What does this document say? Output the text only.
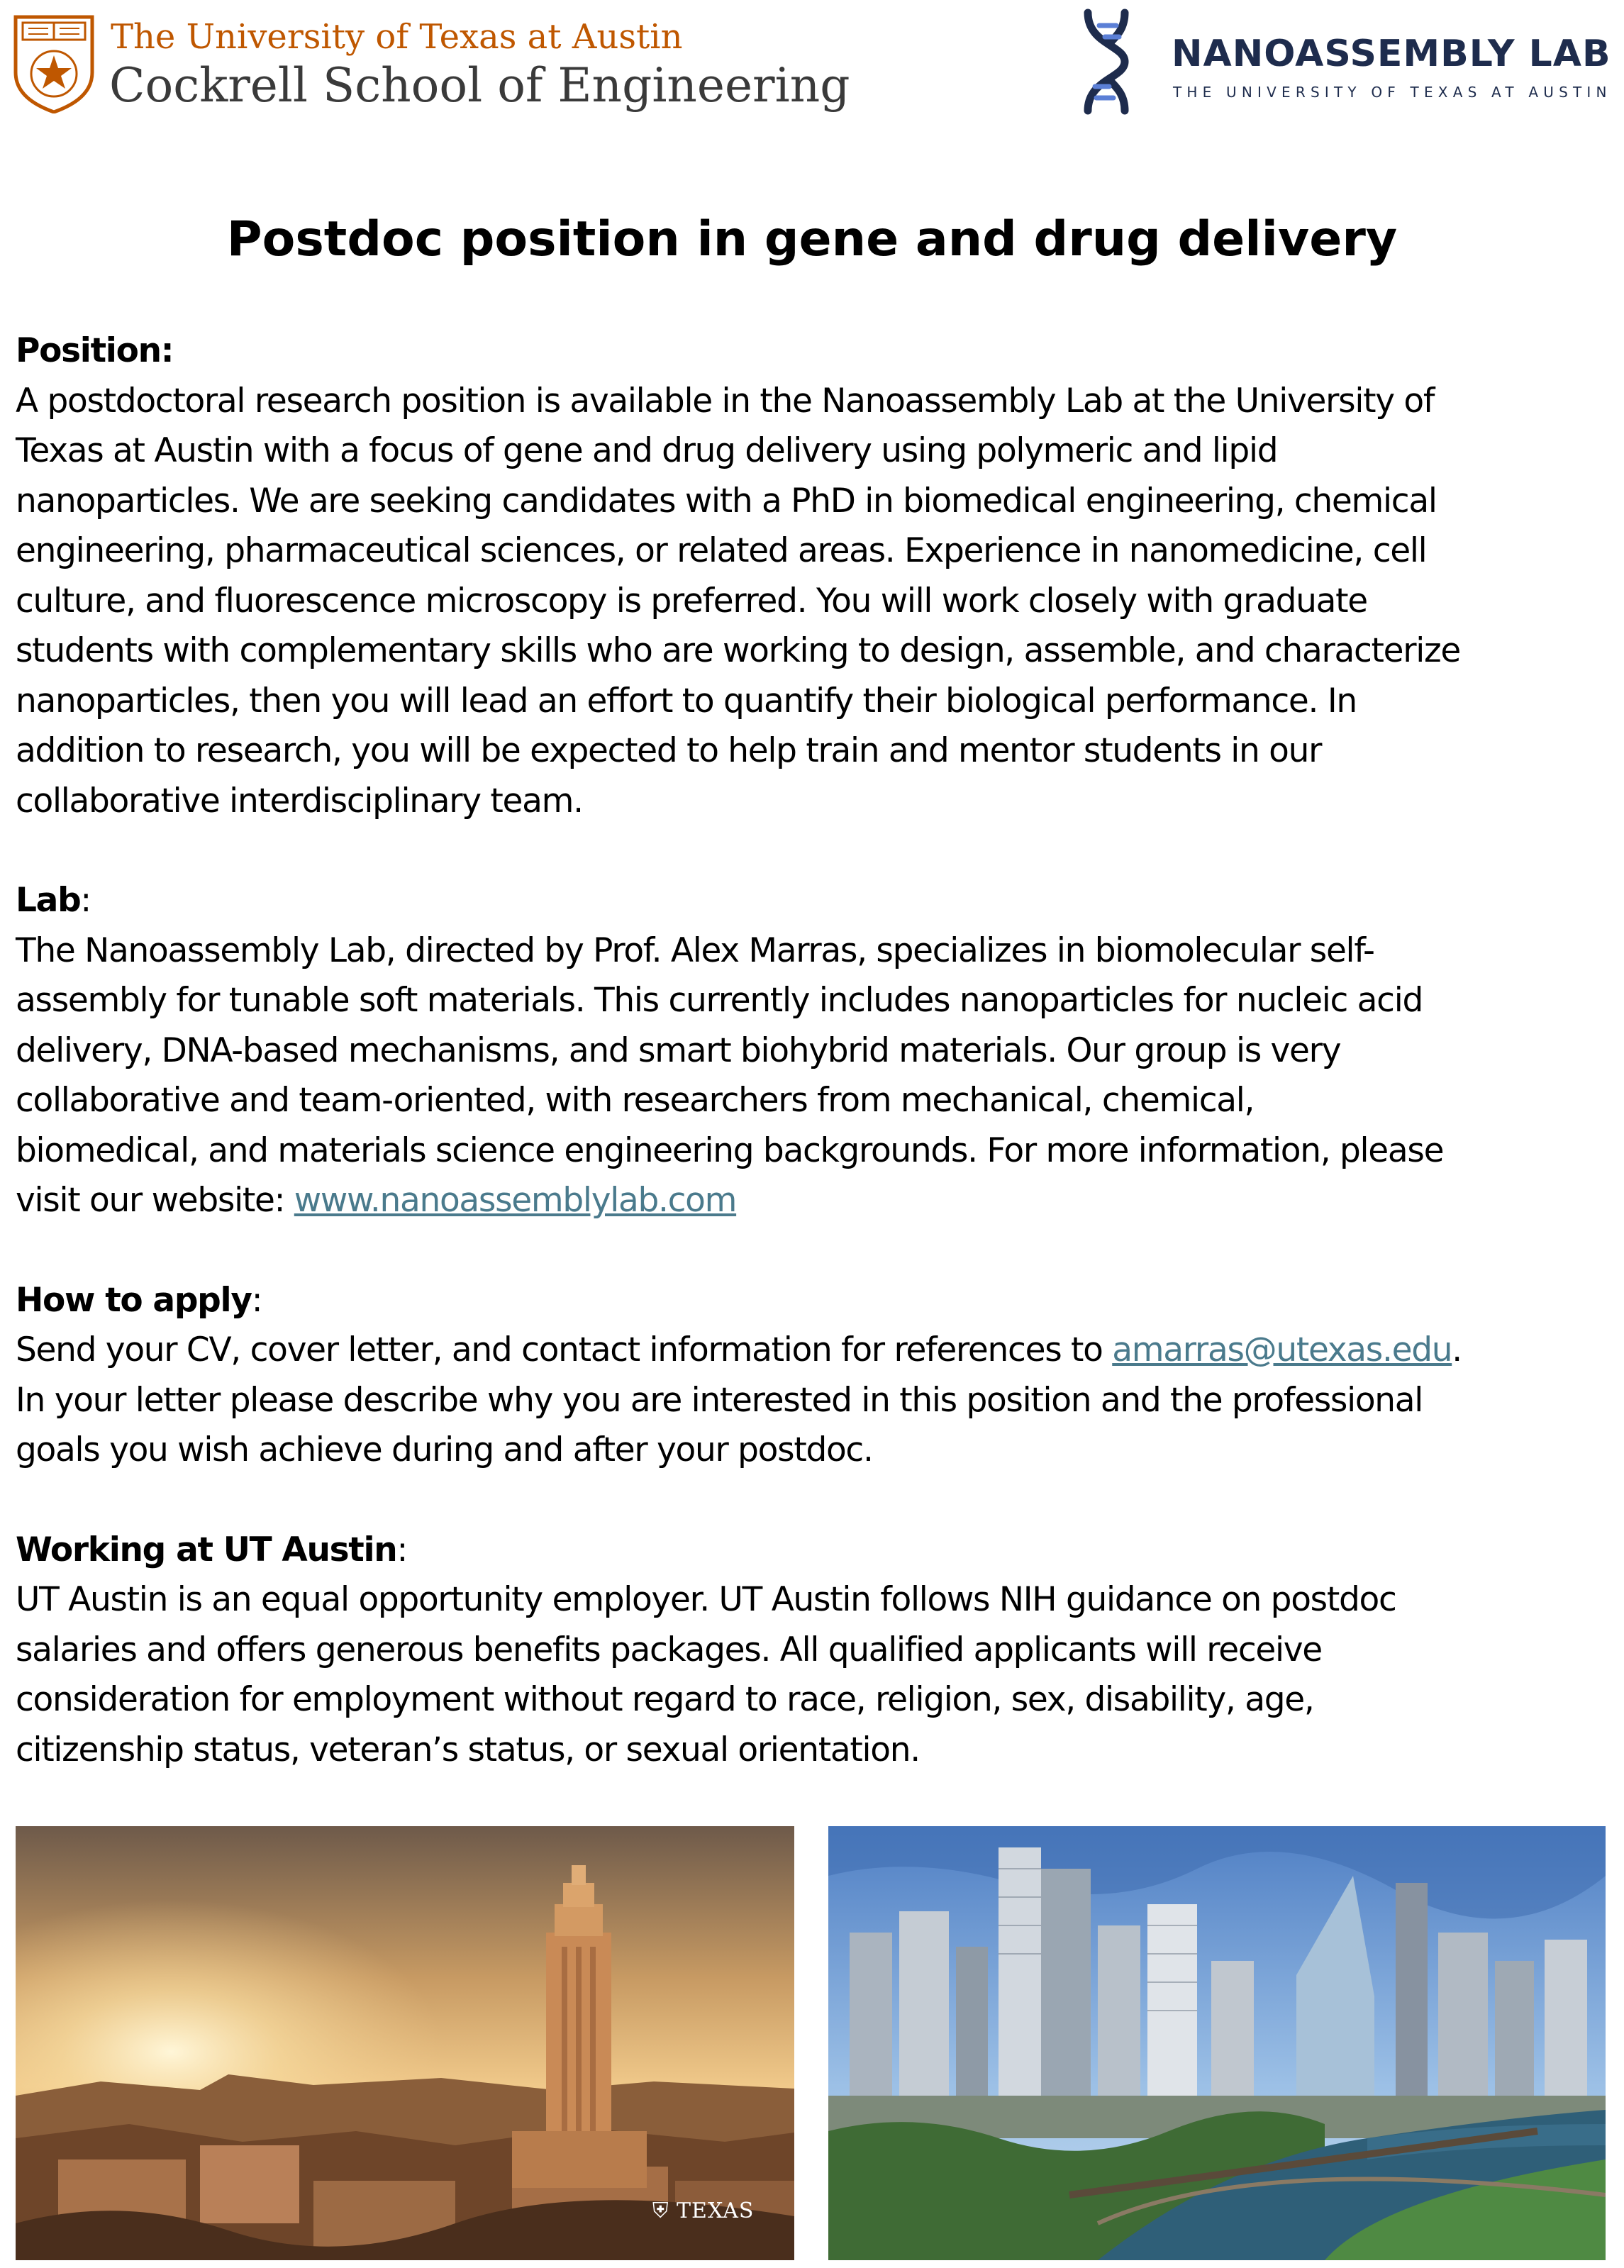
The University of Texas at Austin
Cockrell School of Engineering
NANOASSEMBLY LAB
THE UNIVERSITY OF TEXAS AT AUSTIN
Postdoc position in gene and drug delivery

Position:

A postdoctoral research position is available in the Nanoassembly Lab at the University of
Texas at Austin with a focus of gene and drug delivery using polymeric and lipid
nanoparticles. We are seeking candidates with a PhD in biomedical engineering, chemical
engineering, pharmaceutical sciences, or related areas. Experience in nanomedicine, cell
culture, and fluorescence microscopy is preferred. You will work closely with graduate
students with complementary skills who are working to design, assemble, and characterize
nanoparticles, then you will lead an effort to quantify their biological performance. In
addition to research, you will be expected to help train and mentor students in our
collaborative interdisciplinary team.

Lab:

The Nanoassembly Lab, directed by Prof. Alex Marras, specializes in biomolecular self-
assembly for tunable soft materials. This currently includes nanoparticles for nucleic acid
delivery, DNA-based mechanisms, and smart biohybrid materials. Our group is very
collaborative and team-oriented, with researchers from mechanical, chemical,
biomedical, and materials science engineering backgrounds. For more information, please
visit our website: www.nanoassemblylab.com

How to apply:

Send your CV, cover letter, and contact information for references to amarras@utexas.edu.
In your letter please describe why you are interested in this position and the professional
goals you wish achieve during and after your postdoc.

Working at UT Austin:

UT Austin is an equal opportunity employer. UT Austin follows NIH guidance on postdoc
salaries and offers generous benefits packages. All qualified applicants will receive
consideration for employment without regard to race, religion, sex, disability, age,
citizenship status, veteran’s status, or sexual orientation.

⛨ TEXAS
